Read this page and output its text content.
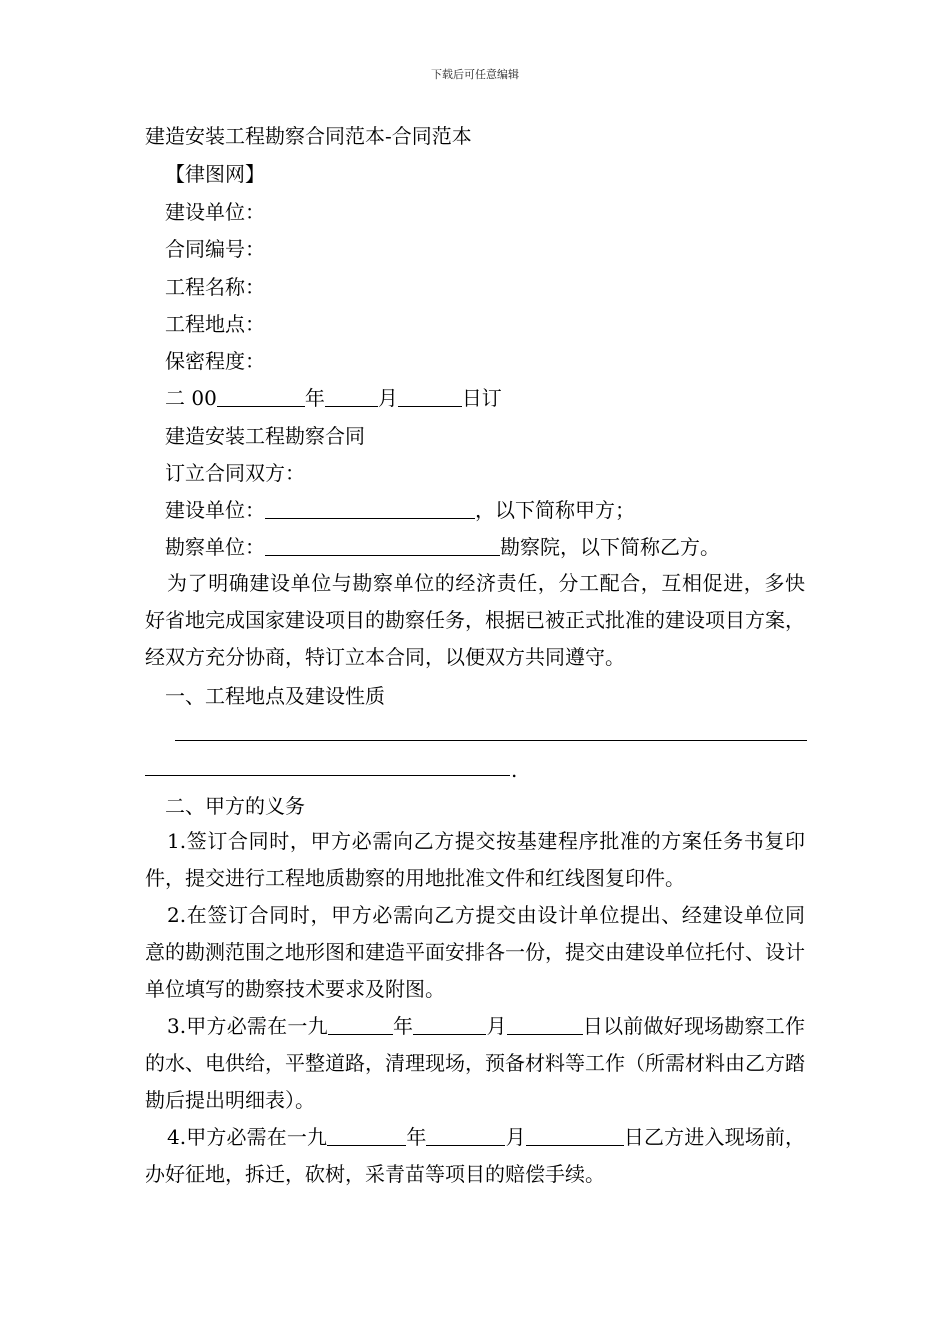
下载后可任意编辑
建造安装工程勘察合同范本-合同范本
【律图网】
建设单位：
合同编号：
工程名称：
工程地点：
保密程度：
二 00	年	月	日订
建造安装工程勘察合同
订立合同双方：
建设单位：	，以下简称甲方；
勘察单位：	勘察院，以下简称乙方。
为了明确建设单位与勘察单位的经济责任，分工配合，互相促进，多快好省地完成国家建设项目的勘察任务，根据已被正式批准的建设项目方案，经双方充分协商，特订立本合同，以便双方共同遵守。
一、工程地点及建设性质
.
二、甲方的义务
1.签订合同时，甲方必需向乙方提交按基建程序批准的方案任务书复印件，提交进行工程地质勘察的用地批准文件和红线图复印件。
2.在签订合同时，甲方必需向乙方提交由设计单位提出、经建设单位同意的勘测范围之地形图和建造平面安排各一份，提交由建设单位托付、设计单位填写的勘察技术要求及附图。
3.甲方必需在一九	年	月	日以前做好现场勘察工作的水、电供给，平整道路，清理现场，预备材料等工作（所需材料由乙方踏勘后提出明细表）。
4.甲方必需在一九	年	月	日乙方进入现场前，办好征地，拆迁，砍树，采青苗等项目的赔偿手续。
